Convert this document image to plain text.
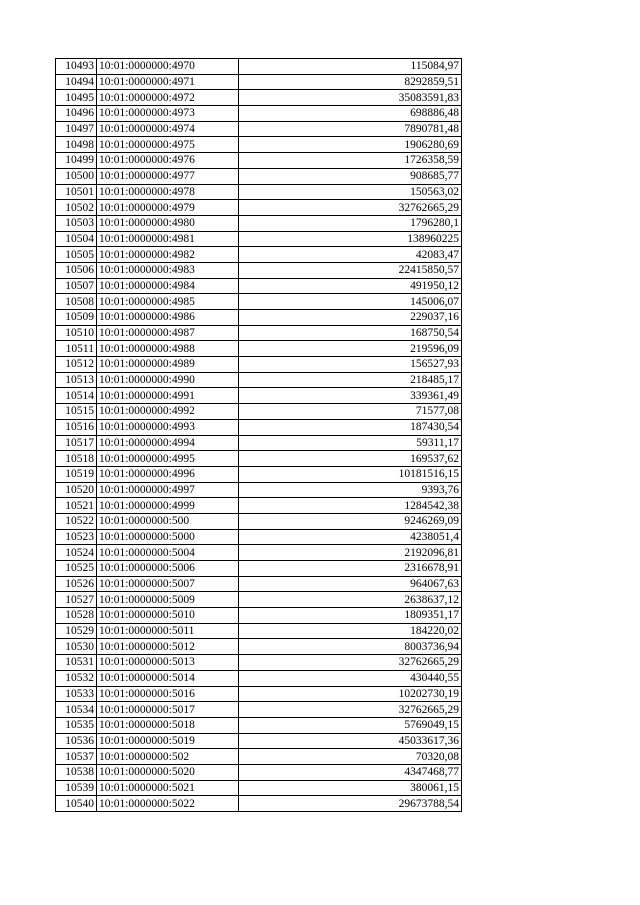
10493	10:01:0000000:4970	115084,97
10494	10:01:0000000:4971	8292859,51
10495	10:01:0000000:4972	35083591,83
10496	10:01:0000000:4973	698886,48
10497	10:01:0000000:4974	7890781,48
10498	10:01:0000000:4975	1906280,69
10499	10:01:0000000:4976	1726358,59
10500	10:01:0000000:4977	908685,77
10501	10:01:0000000:4978	150563,02
10502	10:01:0000000:4979	32762665,29
10503	10:01:0000000:4980	1796280,1
10504	10:01:0000000:4981	138960225
10505	10:01:0000000:4982	42083,47
10506	10:01:0000000:4983	22415850,57
10507	10:01:0000000:4984	491950,12
10508	10:01:0000000:4985	145006,07
10509	10:01:0000000:4986	229037,16
10510	10:01:0000000:4987	168750,54
10511	10:01:0000000:4988	219596,09
10512	10:01:0000000:4989	156527,93
10513	10:01:0000000:4990	218485,17
10514	10:01:0000000:4991	339361,49
10515	10:01:0000000:4992	71577,08
10516	10:01:0000000:4993	187430,54
10517	10:01:0000000:4994	59311,17
10518	10:01:0000000:4995	169537,62
10519	10:01:0000000:4996	10181516,15
10520	10:01:0000000:4997	9393,76
10521	10:01:0000000:4999	1284542,38
10522	10:01:0000000:500	9246269,09
10523	10:01:0000000:5000	4238051,4
10524	10:01:0000000:5004	2192096,81
10525	10:01:0000000:5006	2316678,91
10526	10:01:0000000:5007	964067,63
10527	10:01:0000000:5009	2638637,12
10528	10:01:0000000:5010	1809351,17
10529	10:01:0000000:5011	184220,02
10530	10:01:0000000:5012	8003736,94
10531	10:01:0000000:5013	32762665,29
10532	10:01:0000000:5014	430440,55
10533	10:01:0000000:5016	10202730,19
10534	10:01:0000000:5017	32762665,29
10535	10:01:0000000:5018	5769049,15
10536	10:01:0000000:5019	45033617,36
10537	10:01:0000000:502	70320,08
10538	10:01:0000000:5020	4347468,77
10539	10:01:0000000:5021	380061,15
10540	10:01:0000000:5022	29673788,54
